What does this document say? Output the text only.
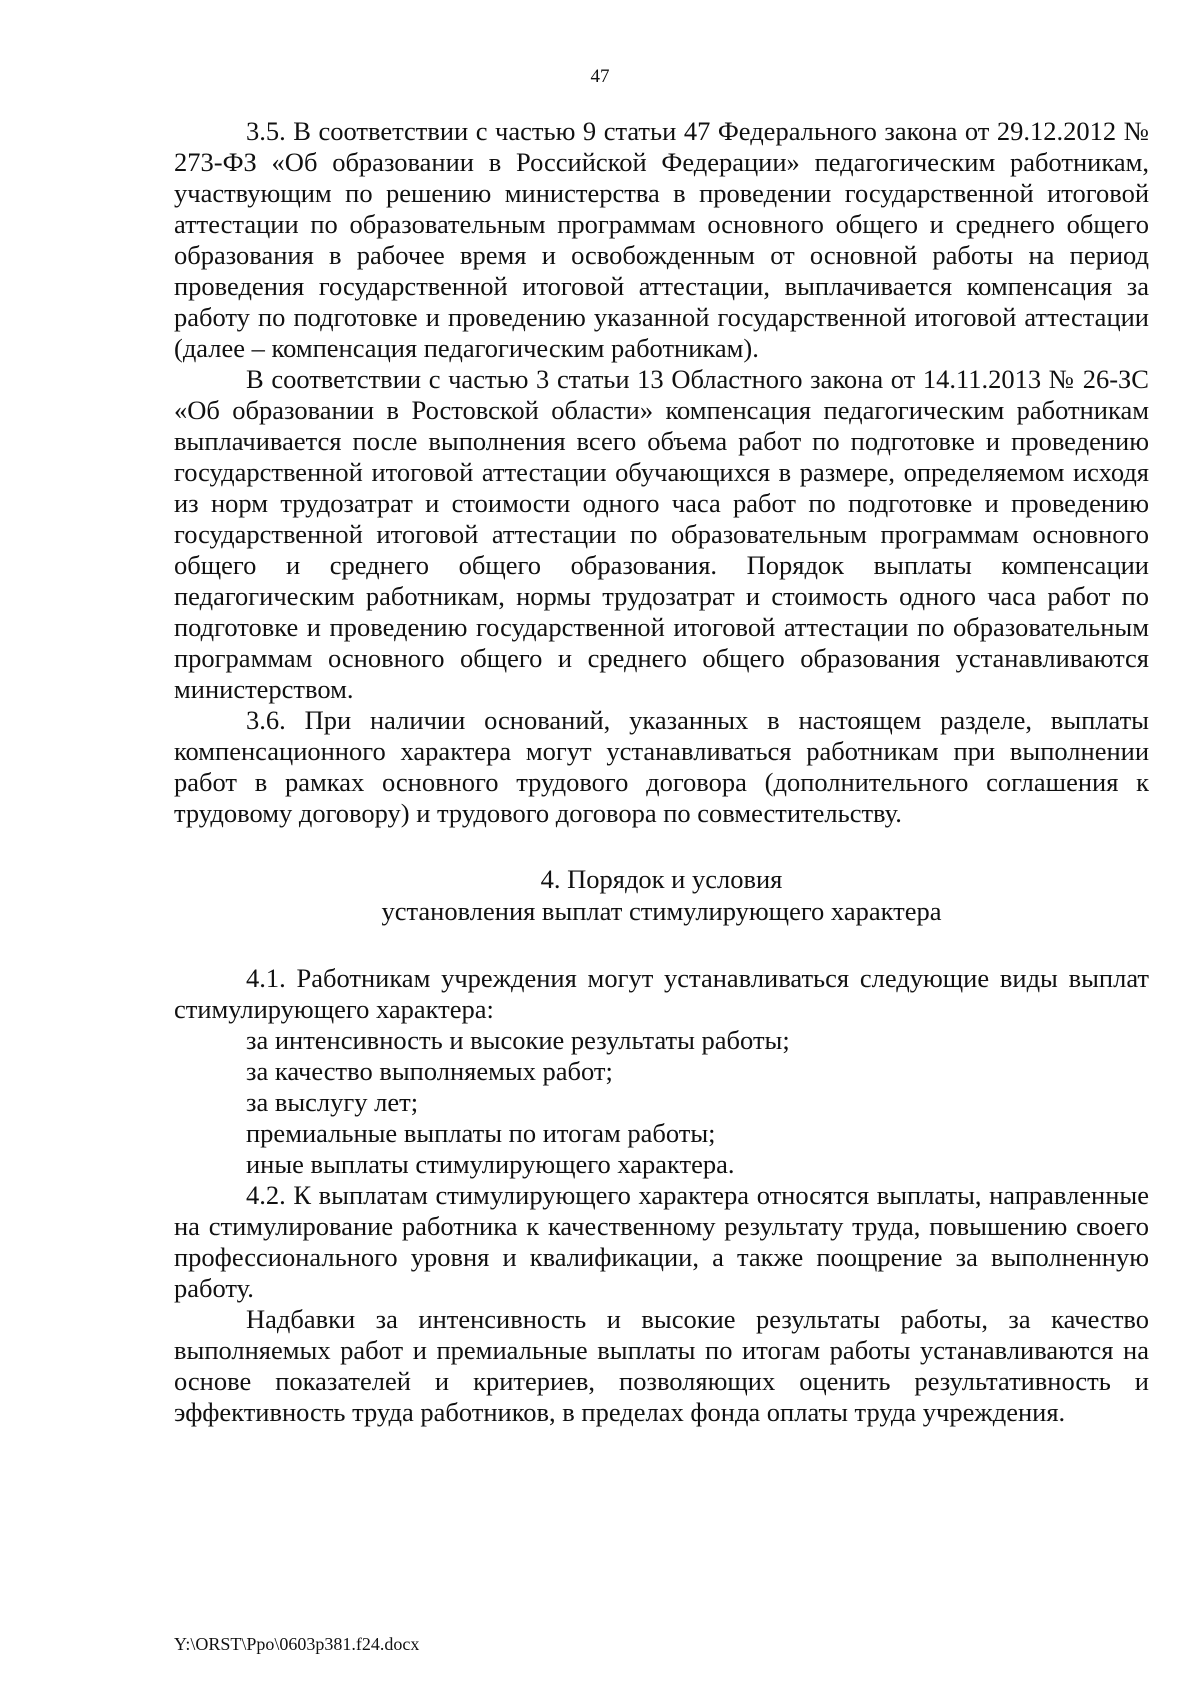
47

3.5. В соответствии с частью 9 статьи 47 Федерального закона от 29.12.2012 № 273-ФЗ «Об образовании в Российской Федерации» педагогическим работникам, участвующим по решению министерства в проведении государственной итоговой аттестации по образовательным программам основного общего и среднего общего образования в рабочее время и освобожденным от основной работы на период проведения государственной итоговой аттестации, выплачивается компенсация за работу по подготовке и проведению указанной государственной итоговой аттестации (далее – компенсация педагогическим работникам).

В соответствии с частью 3 статьи 13 Областного закона от 14.11.2013 № 26-ЗС «Об образовании в Ростовской области» компенсация педагогическим работникам выплачивается после выполнения всего объема работ по подготовке и проведению государственной итоговой аттестации обучающихся в размере, определяемом исходя из норм трудозатрат и стоимости одного часа работ по подготовке и проведению государственной итоговой аттестации по образовательным программам основного общего и среднего общего образования. Порядок выплаты компенсации педагогическим работникам, нормы трудозатрат и стоимость одного часа работ по подготовке и проведению государственной итоговой аттестации по образовательным программам основного общего и среднего общего образования устанавливаются министерством.

3.6. При наличии оснований, указанных в настоящем разделе, выплаты компенсационного характера могут устанавливаться работникам при выполнении работ в рамках основного трудового договора (дополнительного соглашения к трудовому договору) и трудового договора по совместительству.

4. Порядок и условия
установления выплат стимулирующего характера

4.1. Работникам учреждения могут устанавливаться следующие виды выплат стимулирующего характера:

за интенсивность и высокие результаты работы;

за качество выполняемых работ;

за выслугу лет;

премиальные выплаты по итогам работы;

иные выплаты стимулирующего характера.

4.2. К выплатам стимулирующего характера относятся выплаты, направленные на стимулирование работника к качественному результату труда, повышению своего профессионального уровня и квалификации, а также поощрение за выполненную работу.

Надбавки за интенсивность и высокие результаты работы, за качество выполняемых работ и премиальные выплаты по итогам работы устанавливаются на основе показателей и критериев, позволяющих оценить результативность и эффективность труда работников, в пределах фонда оплаты труда учреждения.

Y:\ORST\Ppo\0603p381.f24.docx
